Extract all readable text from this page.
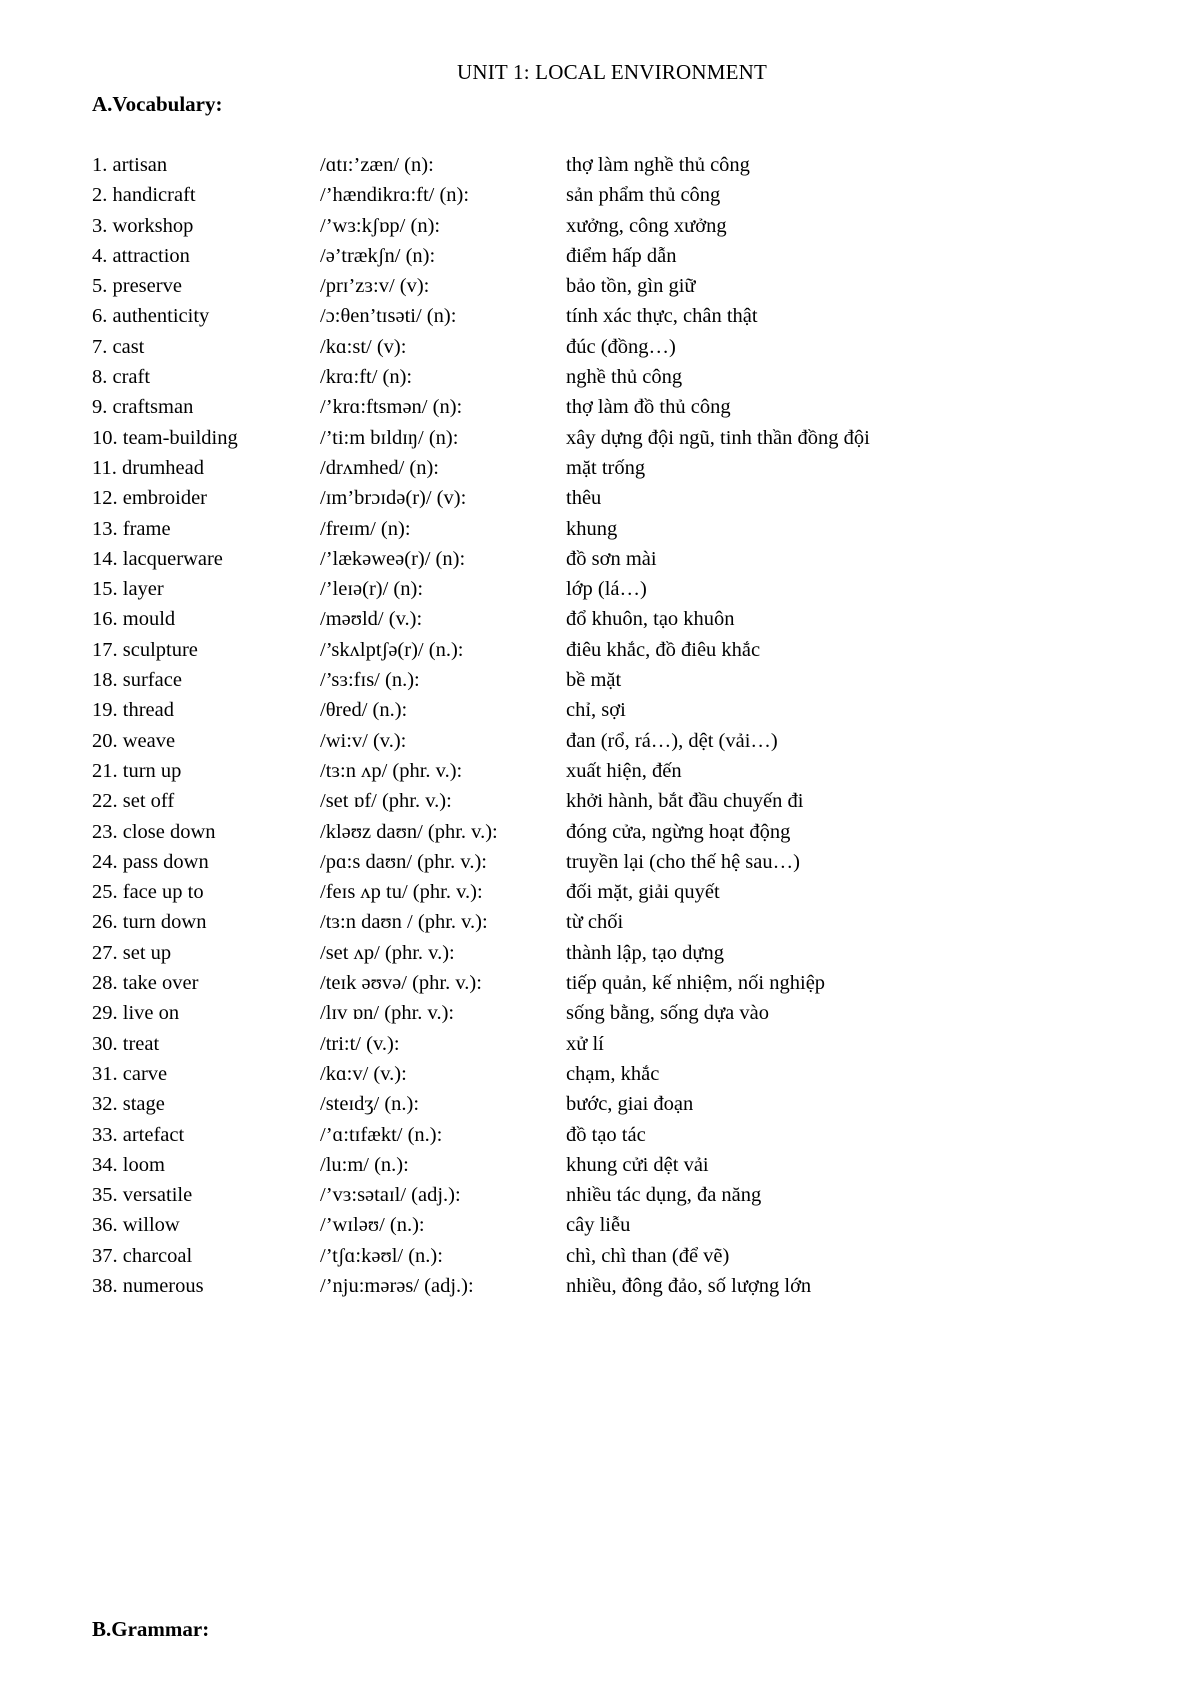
UNIT 1: LOCAL ENVIRONMENT
A.Vocabulary:
1. artisan	/ɑtɪ:’zæn/ (n):	thợ làm nghề thủ công
2. handicraft	/’hændikrɑ:ft/ (n):	sản phẩm thủ công
3. workshop	/’wɜ:kʃɒp/ (n):	xưởng, công xưởng
4. attraction	/ə’trækʃn/ (n):	điểm hấp dẫn
5. preserve	/prɪ’zɜ:v/ (v):	bảo tồn, gìn giữ
6. authenticity	/ɔ:θen’tɪsəti/ (n):	tính xác thực, chân thật
7. cast	/kɑ:st/ (v):	đúc (đồng…)
8. craft	/krɑ:ft/ (n):	nghề thủ công
9. craftsman	/’krɑ:ftsmən/ (n):	thợ làm đồ thủ công
10. team-building	/’ti:m bɪldɪŋ/ (n):	xây dựng đội ngũ, tinh thần đồng đội
11. drumhead	/drʌmhed/ (n):	mặt trống
12. embroider	/ɪm’brɔɪdə(r)/ (v):	thêu
13. frame	/freɪm/ (n):	khung
14. lacquerware	/’lækəweə(r)/ (n):	đồ sơn mài
15. layer	/’leɪə(r)/ (n):	lớp (lá…)
16. mould	/məʊld/ (v.):	đổ khuôn, tạo khuôn
17. sculpture	/’skʌlptʃə(r)/ (n.):	điêu khắc, đồ điêu khắc
18. surface	/’sɜ:fɪs/ (n.):	bề mặt
19. thread	/θred/ (n.):	chỉ, sợi
20. weave	/wi:v/ (v.):	đan (rổ, rá…), dệt (vải…)
21. turn up	/tɜ:n ʌp/ (phr. v.):	xuất hiện, đến
22. set off	/set ɒf/ (phr. v.):	khởi hành, bắt đầu chuyến đi
23. close down	/kləʊz daʊn/ (phr. v.):	đóng cửa, ngừng hoạt động
24. pass down	/pɑ:s daʊn/ (phr. v.):	truyền lại (cho thế hệ sau…)
25. face up to	/feɪs ʌp tu/ (phr. v.):	đối mặt, giải quyết
26. turn down	/tɜ:n daʊn / (phr. v.):	từ chối
27. set up	/set ʌp/ (phr. v.):	thành lập, tạo dựng
28. take over	/teɪk əʊvə/ (phr. v.):	tiếp quản, kế nhiệm, nối nghiệp
29. live on	/lɪv ɒn/ (phr. v.):	sống bằng, sống dựa vào
30. treat	/tri:t/ (v.):	xử lí
31. carve	/kɑ:v/ (v.):	chạm, khắc
32. stage	/steɪdʒ/ (n.):	bước, giai đoạn
33. artefact	/’ɑ:tɪfækt/ (n.):	đồ tạo tác
34. loom	/lu:m/ (n.):	khung cửi dệt vải
35. versatile	/’vɜ:sətaɪl/ (adj.):	nhiều tác dụng, đa năng
36. willow	/’wɪləʊ/ (n.):	cây liễu
37. charcoal	/’tʃɑ:kəʊl/ (n.):	chì, chì than (để vẽ)
38. numerous	/’nju:mərəs/ (adj.):	nhiều, đông đảo, số lượng lớn
B.Grammar:
